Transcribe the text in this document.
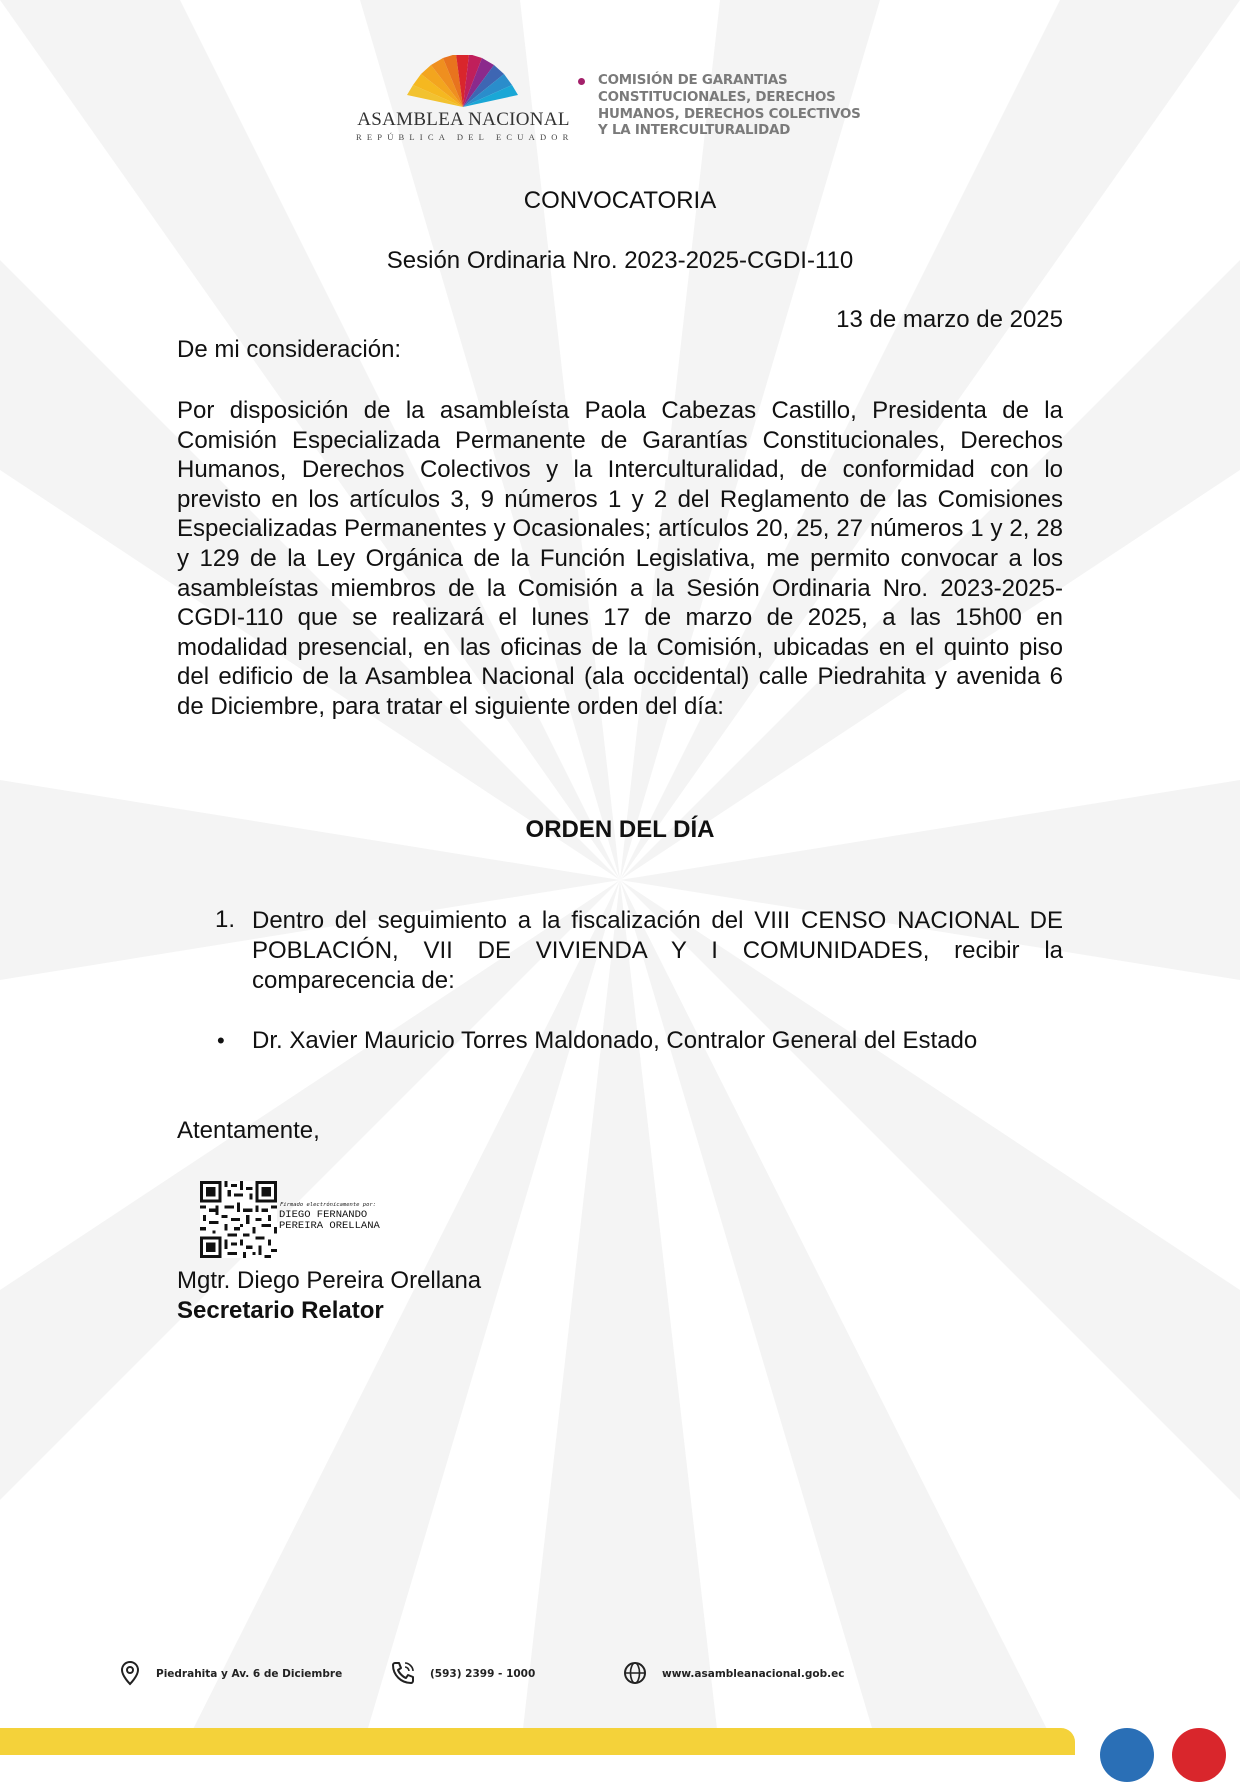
ASAMBLEA NACIONAL
REPÚBLICA DEL ECUADOR
COMISIÓN DE GARANTIAS
CONSTITUCIONALES, DERECHOS
HUMANOS, DERECHOS COLECTIVOS
Y LA INTERCULTURALIDAD
CONVOCATORIA
Sesión Ordinaria Nro. 2023-2025-CGDI-110
13 de marzo de 2025
De mi consideración:
Por disposición de la asambleísta Paola Cabezas Castillo, Presidenta de la Comisión Especializada Permanente de Garantías Constitucionales, Derechos Humanos, Derechos Colectivos y la Interculturalidad, de conformidad con lo previsto en los artículos 3, 9 números 1 y 2 del Reglamento de las Comisiones Especializadas Permanentes y Ocasionales; artículos 20, 25, 27 números 1 y 2, 28 y 129 de la Ley Orgánica de la Función Legislativa, me permito convocar a los asambleístas miembros de la Comisión a la Sesión Ordinaria Nro. 2023-2025-CGDI-110 que se realizará el lunes 17 de marzo de 2025, a las 15h00 en modalidad presencial, en las oficinas de la Comisión, ubicadas en el quinto piso del edificio de la Asamblea Nacional (ala occidental) calle Piedrahita y avenida 6 de Diciembre, para tratar el siguiente orden del día:
ORDEN DEL DÍA
1. Dentro del seguimiento a la fiscalización del VIII CENSO NACIONAL DE POBLACIÓN, VII DE VIVIENDA Y I COMUNIDADES, recibir la comparecencia de:
• Dr. Xavier Mauricio Torres Maldonado, Contralor General del Estado
Atentamente,
Firmado electrónicamente por:
DIEGO FERNANDO
PEREIRA ORELLANA
Mgtr. Diego Pereira Orellana
Secretario Relator
Piedrahita y Av. 6 de Diciembre	(593) 2399 - 1000	www.asambleanacional.gob.ec
